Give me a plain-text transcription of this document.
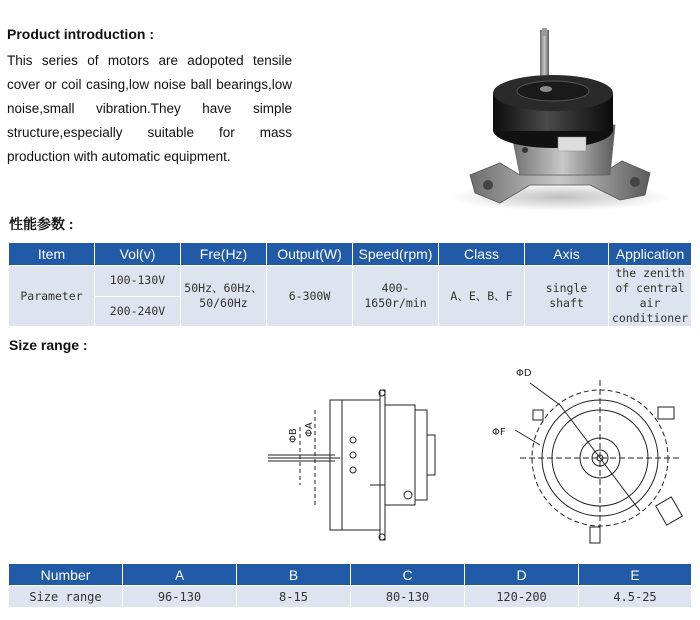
Product introduction :
This series of motors are adopoted tensile cover or coil casing,low noise ball bearings,low noise,small vibration.They have simple structure,especially suitable for mass production with automatic equipment.
性能参数 :
Item	Vol(v)	Fre(Hz)	Output(W)	Speed(rpm)	Class	Axis	Application
Parameter	100-130V	50Hz、60Hz、50/60Hz	6-300W	400-1650r/min	A、E、B、F	single shaft	the zenith of central air conditioner
	200-240V						
Size range :
ΦB ΦA
ΦD
ΦF
Number	A	B	C	D	E
Size range	96-130	8-15	80-130	120-200	4.5-25
